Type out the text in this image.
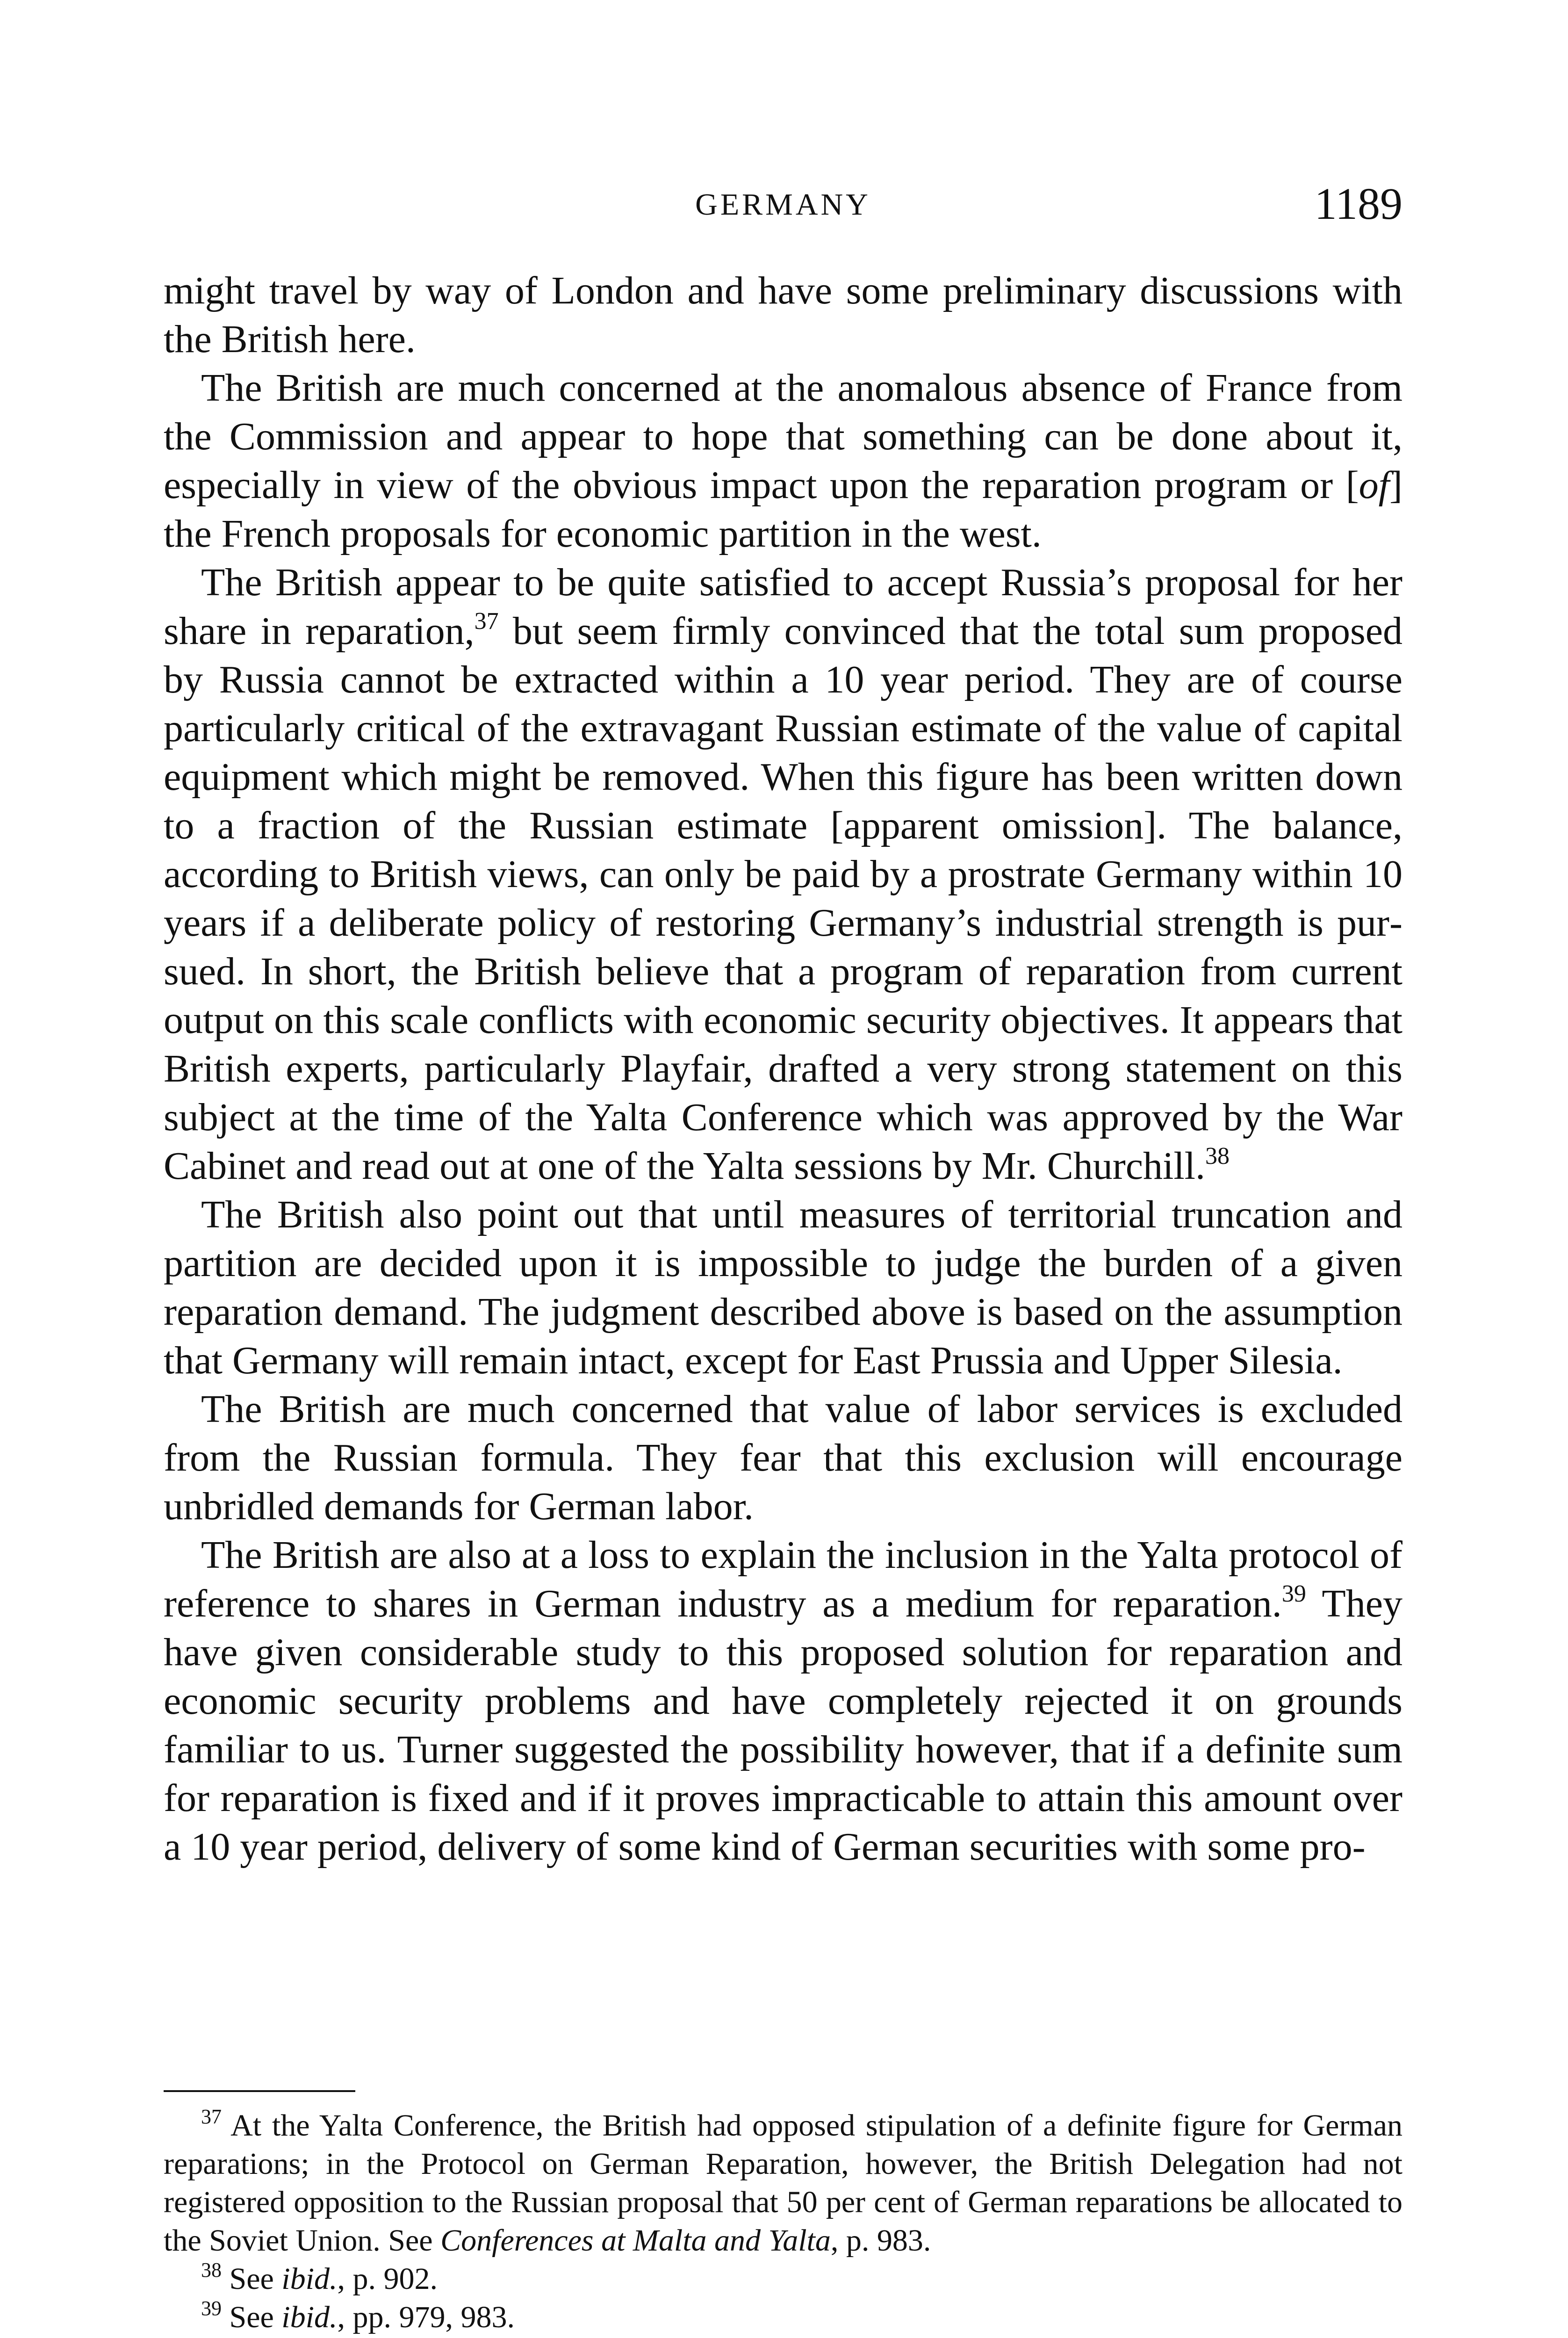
GERMANY	1189

might travel by way of London and have some preliminary discussions with the British here.

The British are much concerned at the anomalous absence of France from the Commission and appear to hope that something can be done about it, especially in view of the obvious impact upon the reparation program or [of] the French proposals for economic partition in the west.

The British appear to be quite satisfied to accept Russia’s proposal for her share in reparation,$^{37}$ but seem firmly convinced that the total sum proposed by Russia cannot be extracted within a 10 year period. They are of course particularly critical of the extravagant Russian estimate of the value of capital equipment which might be removed. When this figure has been written down to a fraction of the Russian estimate [apparent omission]. The balance, according to British views, can only be paid by a prostrate Germany within 10 years if a deliberate policy of restoring Germany’s industrial strength is pursued. In short, the British believe that a program of reparation from current output on this scale conflicts with economic security objectives. It appears that British experts, particularly Playfair, drafted a very strong statement on this subject at the time of the Yalta Conference which was approved by the War Cabinet and read out at one of the Yalta sessions by Mr. Churchill.$^{38}$

The British also point out that until measures of territorial truncation and partition are decided upon it is impossible to judge the burden of a given reparation demand. The judgment described above is based on the assumption that Germany will remain intact, except for East Prussia and Upper Silesia.

The British are much concerned that value of labor services is excluded from the Russian formula. They fear that this exclusion will encourage unbridled demands for German labor.

The British are also at a loss to explain the inclusion in the Yalta protocol of reference to shares in German industry as a medium for reparation.$^{39}$ They have given considerable study to this proposed solution for reparation and economic security problems and have completely rejected it on grounds familiar to us. Turner suggested the possibility however, that if a definite sum for reparation is fixed and if it proves impracticable to attain this amount over a 10 year period, delivery of some kind of German securities with some pro-

$^{37}$ At the Yalta Conference, the British had opposed stipulation of a definite figure for German reparations; in the Protocol on German Reparation, however, the British Delegation had not registered opposition to the Russian proposal that 50 per cent of German reparations be allocated to the Soviet Union. See Conferences at Malta and Yalta, p. 983.

$^{38}$ See ibid., p. 902.

$^{39}$ See ibid., pp. 979, 983.
